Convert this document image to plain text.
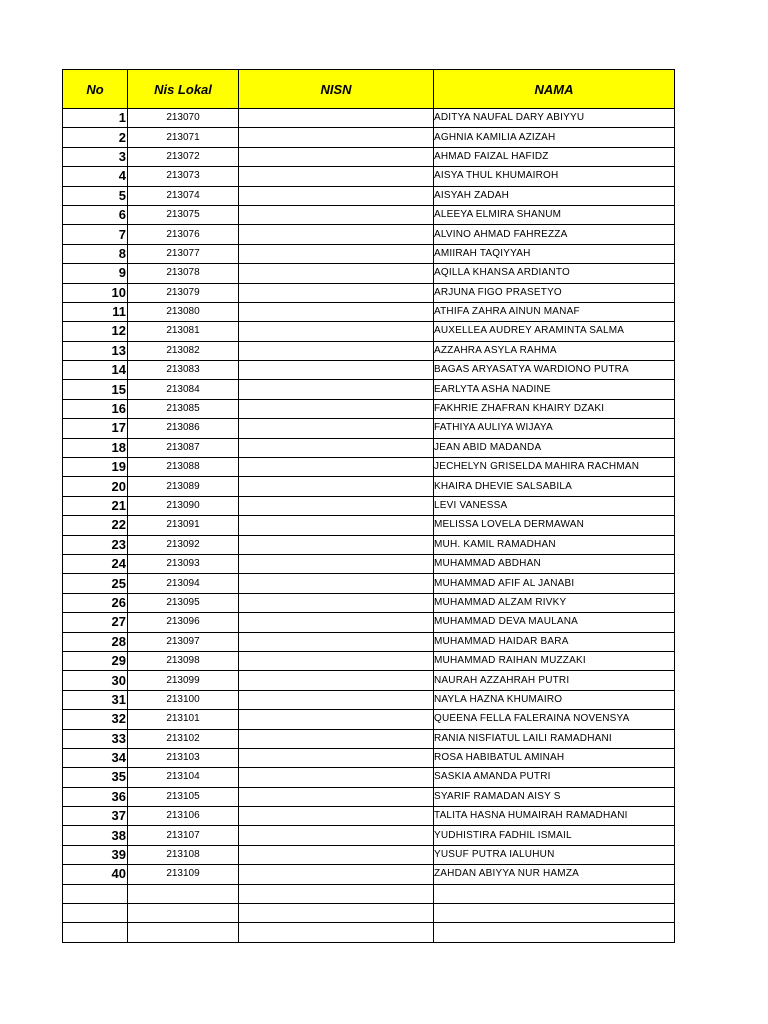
No	Nis Lokal	NISN	NAMA
1	213070		ADITYA NAUFAL DARY ABIYYU
2	213071		AGHNIA KAMILIA AZIZAH
3	213072		AHMAD FAIZAL HAFIDZ
4	213073		AISYA THUL KHUMAIROH
5	213074		AISYAH ZADAH
6	213075		ALEEYA ELMIRA SHANUM
7	213076		ALVINO AHMAD FAHREZZA
8	213077		AMIIRAH TAQIYYAH
9	213078		AQILLA KHANSA ARDIANTO
10	213079		ARJUNA FIGO PRASETYO
11	213080		ATHIFA ZAHRA AINUN MANAF
12	213081		AUXELLEA AUDREY ARAMINTA SALMA
13	213082		AZZAHRA ASYLA RAHMA
14	213083		BAGAS ARYASATYA WARDIONO PUTRA
15	213084		EARLYTA ASHA NADINE
16	213085		FAKHRIE ZHAFRAN KHAIRY DZAKI
17	213086		FATHIYA AULIYA WIJAYA
18	213087		JEAN ABID MADANDA
19	213088		JECHELYN GRISELDA MAHIRA RACHMAN
20	213089		KHAIRA DHEVIE SALSABILA
21	213090		LEVI VANESSA
22	213091		MELISSA LOVELA DERMAWAN
23	213092		MUH. KAMIL RAMADHAN
24	213093		MUHAMMAD ABDHAN
25	213094		MUHAMMAD AFIF AL JANABI
26	213095		MUHAMMAD ALZAM RIVKY
27	213096		MUHAMMAD DEVA MAULANA
28	213097		MUHAMMAD HAIDAR BARA
29	213098		MUHAMMAD RAIHAN MUZZAKI
30	213099		NAURAH AZZAHRAH PUTRI
31	213100		NAYLA HAZNA KHUMAIRO
32	213101		QUEENA FELLA FALERAINA NOVENSYA
33	213102		RANIA NISFIATUL LAILI RAMADHANI
34	213103		ROSA HABIBATUL AMINAH
35	213104		SASKIA AMANDA PUTRI
36	213105		SYARIF RAMADAN AISY S
37	213106		TALITA HASNA HUMAIRAH RAMADHANI
38	213107		YUDHISTIRA FADHIL ISMAIL
39	213108		YUSUF PUTRA IALUHUN
40	213109		ZAHDAN ABIYYA NUR HAMZA
